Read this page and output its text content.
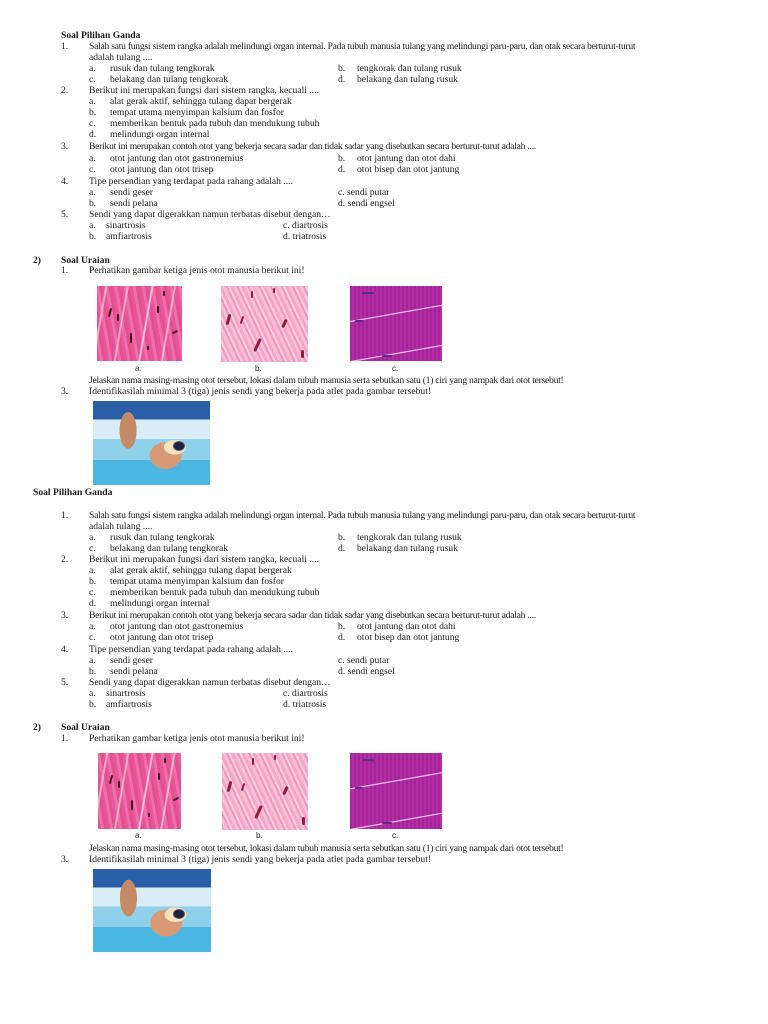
Soal Pilihan Ganda
1. Salah satu fungsi sistem rangka adalah melindungi organ internal. Pada tubuh manusia tulang yang melindungi paru-paru, dan otak secara berturut-turut
adalah tulang ....
a. rusuk dan tulang tengkorak	b. tengkorak dan tulang rusuk
c. belakang dan tulang tengkorak	d. belakang dan tulang rusuk
2. Berikut ini merupakan fungsi dari sistem rangka, kecuali ....
a. alat gerak aktif, sehingga tulang dapat bergerak
b. tempat utama menyimpan kalsium dan fosfor
c. memberikan bentuk pada tubuh dan mendukung tubuh
d. melindungi organ internal
3. Berikut ini merupakan contoh otot yang bekerja secara sadar dan tidak sadar yang disebutkan secara berturut-turut adalah ....
a. otot jantung dan otot gastronemius	b. otot jantung dan otot dahi
c. otot jantung dan otot trisep	d. otot bisep dan otot jantung
4. Tipe persendian yang terdapat pada rahang adalah ....
a. sendi geser	c. sendi putar
b. sendi pelana	d. sendi engsel
5. Sendi yang dapat digerakkan namun terbatas disebut dengan…
a. sinartrosis	c. diartrosis
b. amfiartrosis	d. triatrosis
2) Soal Uraian
1. Perhatikan gambar ketiga jenis otot manusia berikut ini!
a.	b.	c.
Jelaskan nama masing-masing otot tersebut, lokasi dalam tubuh manusia serta sebutkan satu (1) ciri yang nampak dari otot tersebut!
3. Identifikasilah minimal 3 (tiga) jenis sendi yang bekerja pada atlet pada gambar tersebut!
Soal Pilihan Ganda
1. Salah satu fungsi sistem rangka adalah melindungi organ internal. Pada tubuh manusia tulang yang melindungi paru-paru, dan otak secara berturut-turut
adalah tulang ....
a. rusuk dan tulang tengkorak	b. tengkorak dan tulang rusuk
c. belakang dan tulang tengkorak	d. belakang dan tulang rusuk
2. Berikut ini merupakan fungsi dari sistem rangka, kecuali ....
a. alat gerak aktif, sehingga tulang dapat bergerak
b. tempat utama menyimpan kalsium dan fosfor
c. memberikan bentuk pada tubuh dan mendukung tubuh
d. melindungi organ internal
3. Berikut ini merupakan contoh otot yang bekerja secara sadar dan tidak sadar yang disebutkan secara berturut-turut adalah ....
a. otot jantung dan otot gastronemius	b. otot jantung dan otot dahi
c. otot jantung dan otot trisep	d. otot bisep dan otot jantung
4. Tipe persendian yang terdapat pada rahang adalah ....
a. sendi geser	c. sendi putar
b. sendi pelana	d. sendi engsel
5. Sendi yang dapat digerakkan namun terbatas disebut dengan…
a. sinartrosis	c. diartrosis
b. amfiartrosis	d. triatrosis
2) Soal Uraian
1. Perhatikan gambar ketiga jenis otot manusia berikut ini!
a.	b.	c.
Jelaskan nama masing-masing otot tersebut, lokasi dalam tubuh manusia serta sebutkan satu (1) ciri yang nampak dari otot tersebut!
3. Identifikasilah minimal 3 (tiga) jenis sendi yang bekerja pada atlet pada gambar tersebut!
